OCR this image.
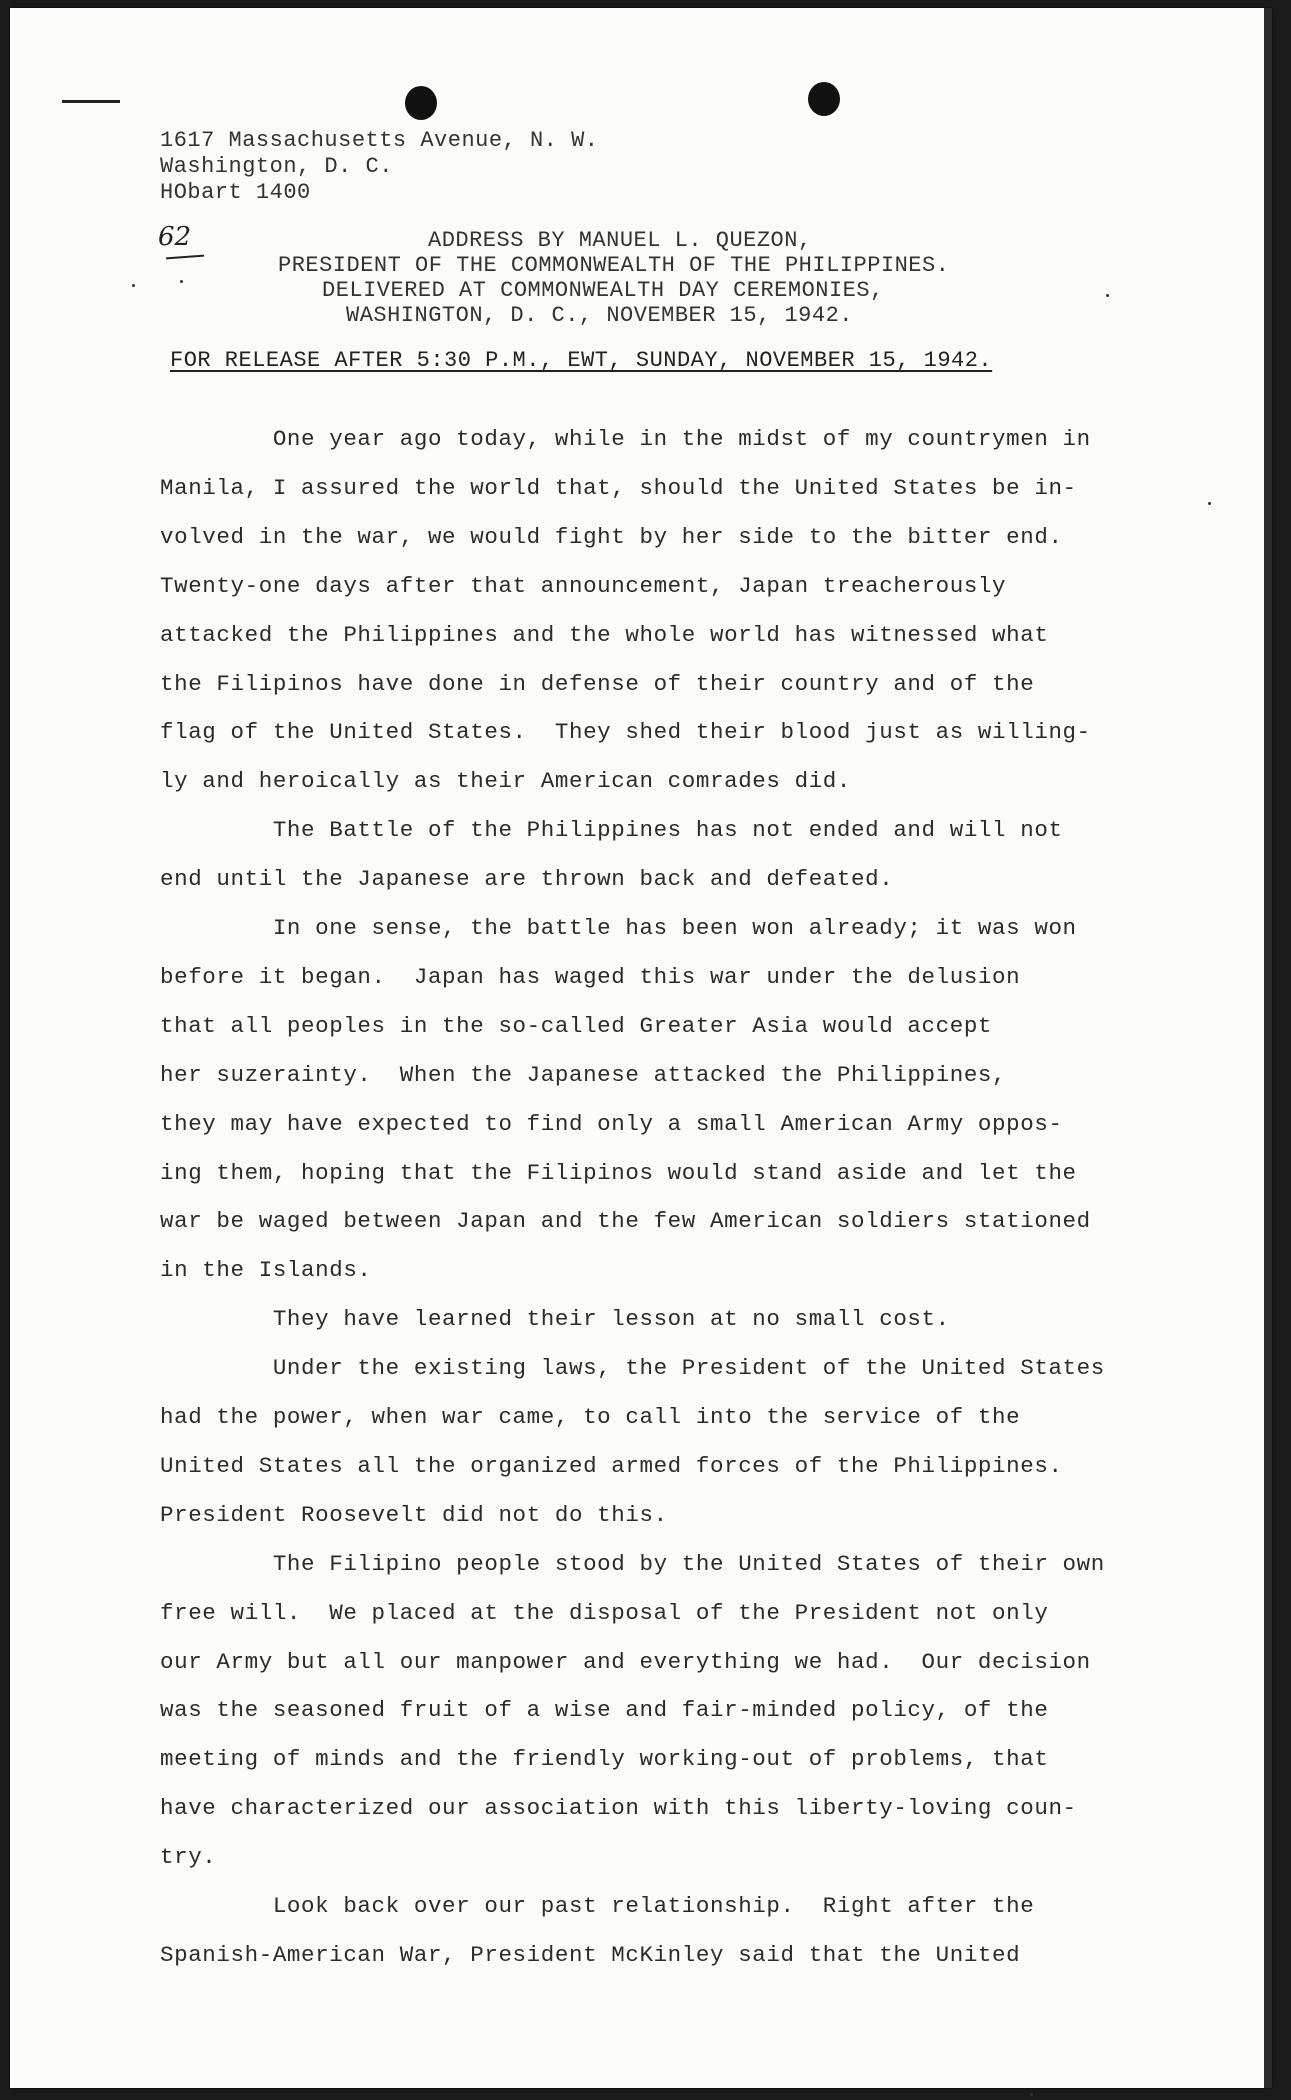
1617 Massachusetts Avenue, N. W.
Washington, D. C.
HObart 1400
62	ADDRESS BY MANUEL L. QUEZON,
PRESIDENT OF THE COMMONWEALTH OF THE PHILIPPINES.
DELIVERED AT COMMONWEALTH DAY CEREMONIES,
WASHINGTON, D. C., NOVEMBER 15, 1942.
FOR RELEASE AFTER 5:30 P.M., EWT, SUNDAY, NOVEMBER 15, 1942.
One year ago today, while in the midst of my countrymen in
Manila, I assured the world that, should the United States be in-
volved in the war, we would fight by her side to the bitter end.
Twenty-one days after that announcement, Japan treacherously
attacked the Philippines and the whole world has witnessed what
the Filipinos have done in defense of their country and of the
flag of the United States.  They shed their blood just as willing-
ly and heroically as their American comrades did.
The Battle of the Philippines has not ended and will not
end until the Japanese are thrown back and defeated.
In one sense, the battle has been won already; it was won
before it began.  Japan has waged this war under the delusion
that all peoples in the so-called Greater Asia would accept
her suzerainty.  When the Japanese attacked the Philippines,
they may have expected to find only a small American Army oppos-
ing them, hoping that the Filipinos would stand aside and let the
war be waged between Japan and the few American soldiers stationed
in the Islands.
They have learned their lesson at no small cost.
Under the existing laws, the President of the United States
had the power, when war came, to call into the service of the
United States all the organized armed forces of the Philippines.
President Roosevelt did not do this.
The Filipino people stood by the United States of their own
free will.  We placed at the disposal of the President not only
our Army but all our manpower and everything we had.  Our decision
was the seasoned fruit of a wise and fair-minded policy, of the
meeting of minds and the friendly working-out of problems, that
have characterized our association with this liberty-loving coun-
try.
Look back over our past relationship.  Right after the
Spanish-American War, President McKinley said that the United
